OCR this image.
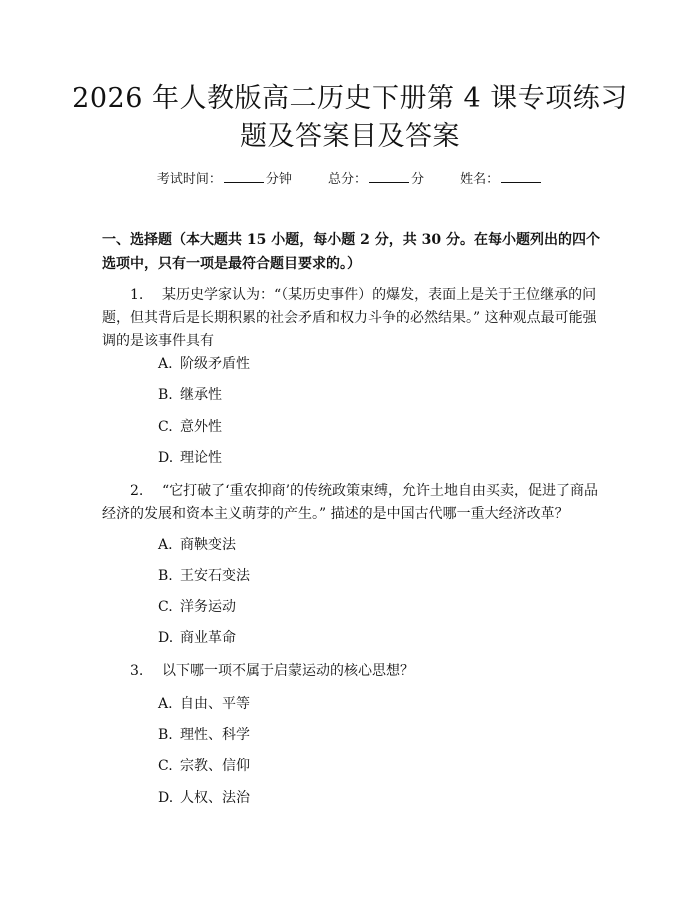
2026 年人教版高二历史下册第 4 课专项练习
题及答案目及答案
考试时间：	分钟	总分：	分	姓名：

一、选择题（本大题共 15 小题，每小题 2 分，共 30 分。在每小题列出的四个选项中，只有一项是最符合题目要求的。）

1. 某历史学家认为：“（某历史事件）的爆发，表面上是关于王位继承的问题，但其背后是长期积累的社会矛盾和权力斗争的必然结果。” 这种观点最可能强调的是该事件具有

A. 阶级矛盾性
B. 继承性
C. 意外性
D. 理论性

2. “它打破了‘重农抑商’的传统政策束缚，允许土地自由买卖，促进了商品经济的发展和资本主义萌芽的产生。” 描述的是中国古代哪一重大经济改革？

A. 商鞅变法
B. 王安石变法
C. 洋务运动
D. 商业革命

3. 以下哪一项不属于启蒙运动的核心思想？

A. 自由、平等
B. 理性、科学
C. 宗教、信仰
D. 人权、法治
